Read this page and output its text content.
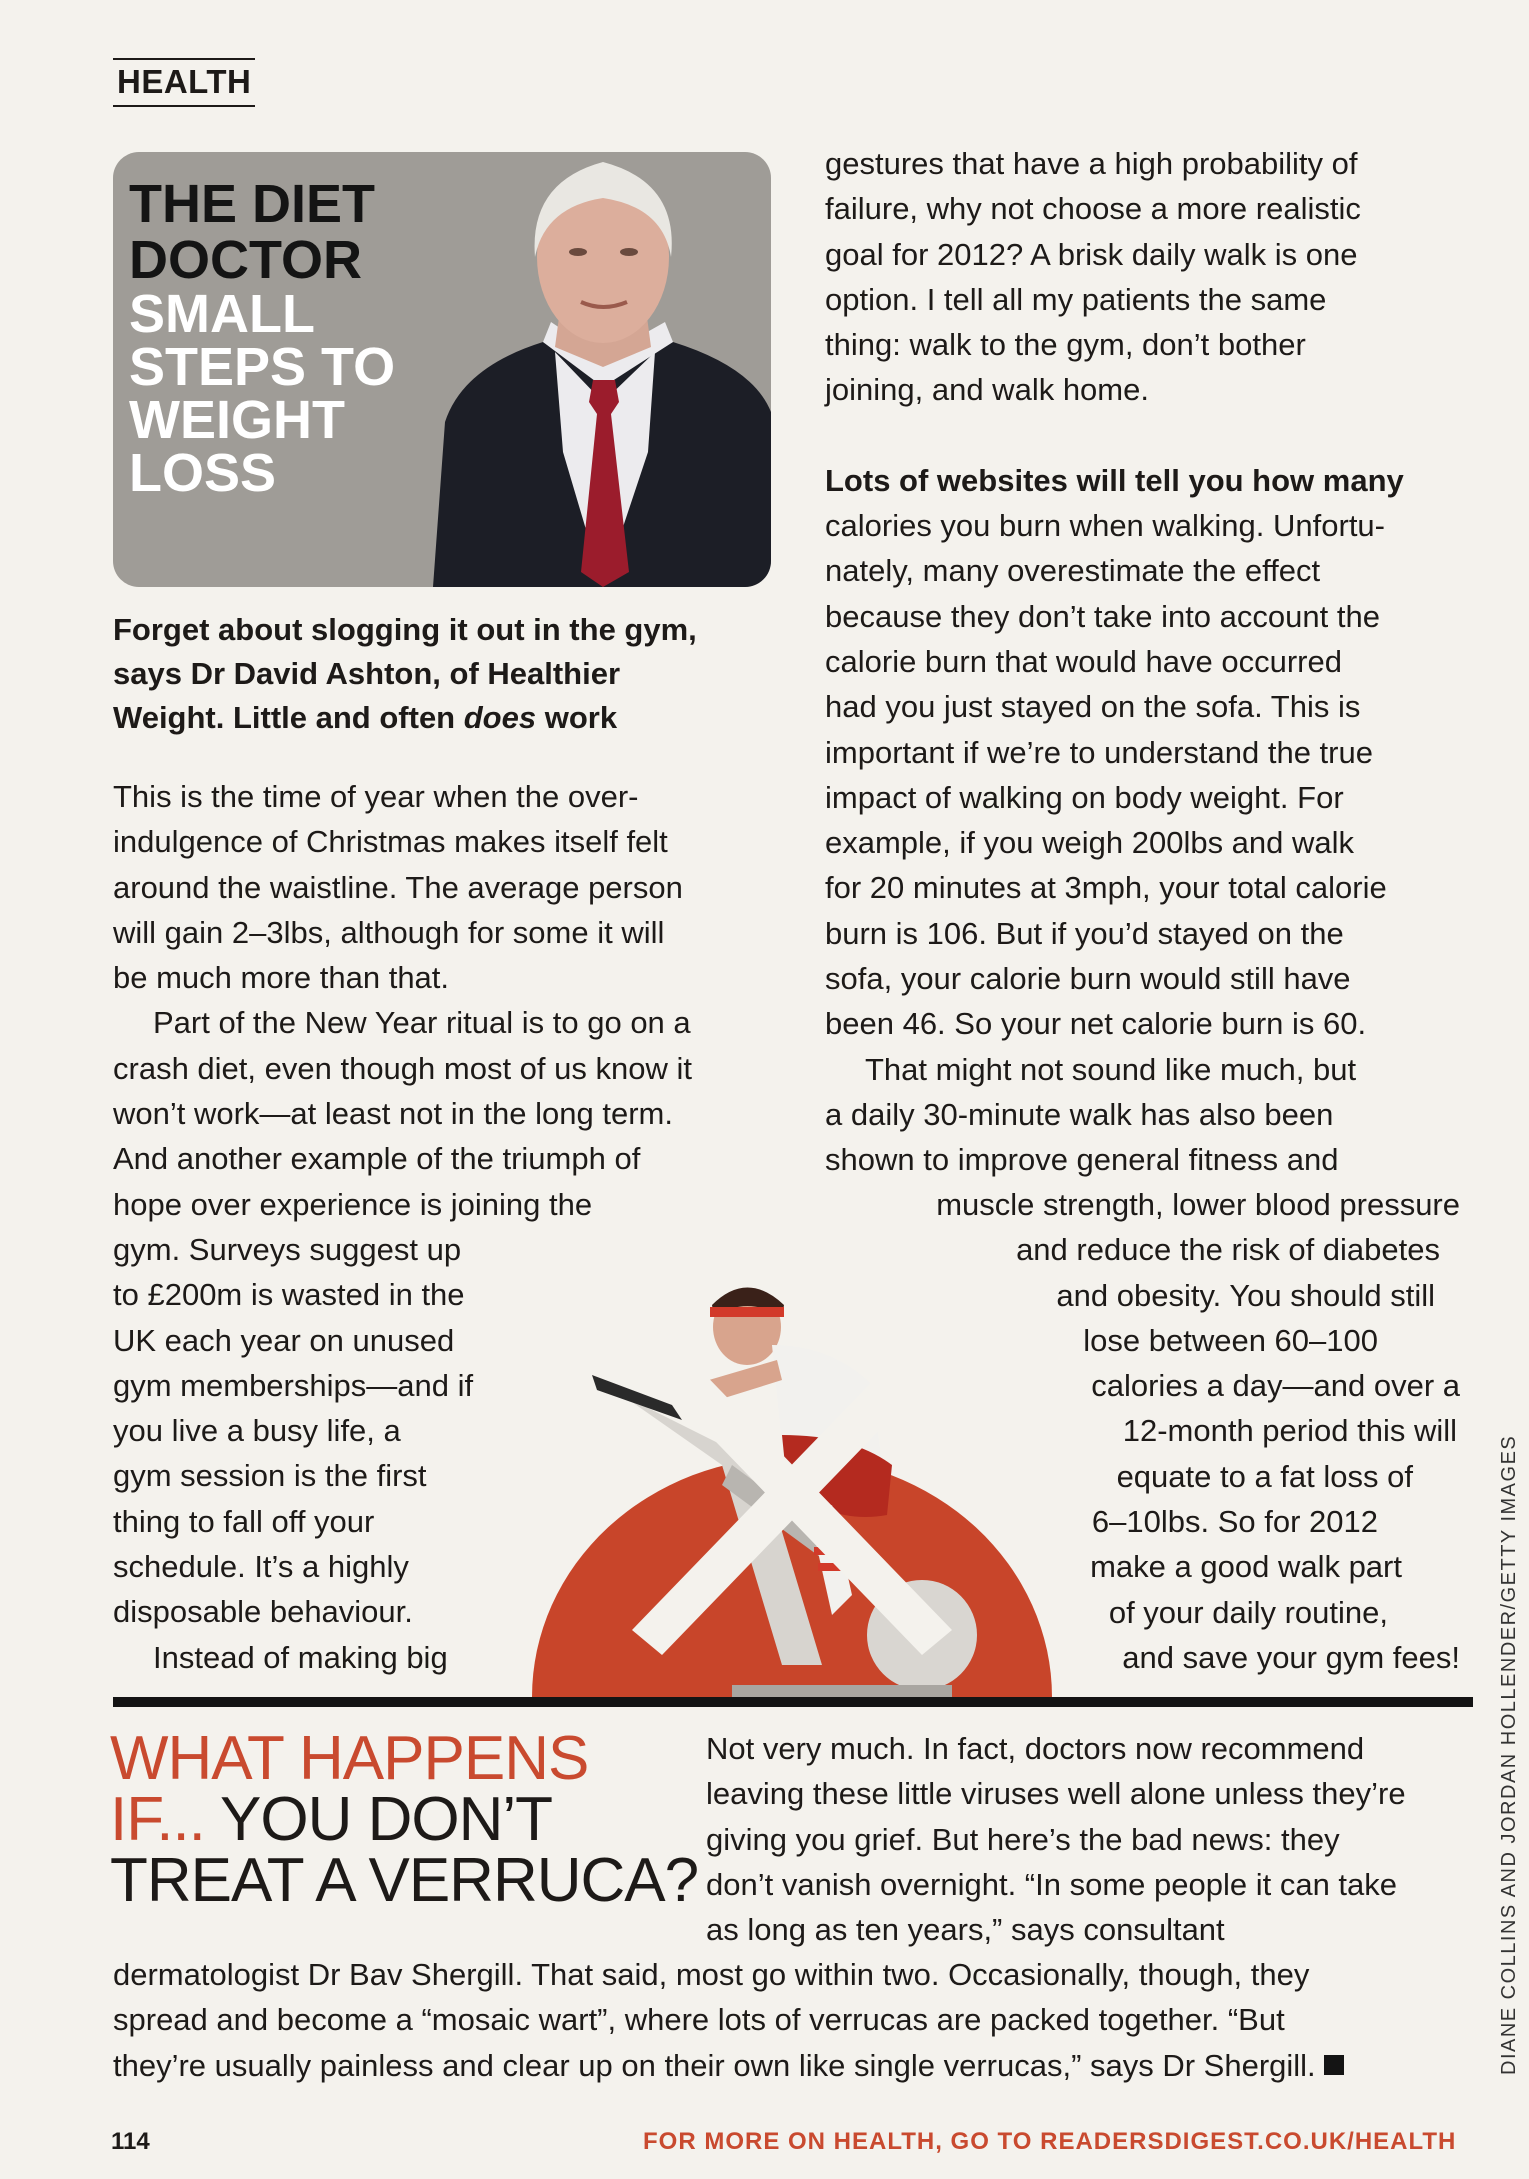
HEALTH
THE DIET
DOCTOR
SMALL
STEPS TO
WEIGHT
LOSS

Forget about slogging it out in the gym,
says Dr David Ashton, of Healthier
Weight. Little and often does work

This is the time of year when the over-

indulgence of Christmas makes itself felt

around the waistline. The average person

will gain 2–3lbs, although for some it will

be much more than that.

Part of the New Year ritual is to go on a

crash diet, even though most of us know it

won’t work—at least not in the long term.

And another example of the triumph of

hope over experience is joining the

gym. Surveys suggest up

to £200m is wasted in the

UK each year on unused

gym memberships—and if

you live a busy life, a

gym session is the first

thing to fall off your

schedule. It’s a highly

disposable behaviour.

Instead of making big

gestures that have a high probability of

failure, why not choose a more realistic

goal for 2012? A brisk daily walk is one

option. I tell all my patients the same

thing: walk to the gym, don’t bother

joining, and walk home.

Lots of websites will tell you how many

calories you burn when walking. Unfortu-

nately, many overestimate the effect

because they don’t take into account the

calorie burn that would have occurred

had you just stayed on the sofa. This is

important if we’re to understand the true

impact of walking on body weight. For

example, if you weigh 200lbs and walk

for 20 minutes at 3mph, your total calorie

burn is 106. But if you’d stayed on the

sofa, your calorie burn would still have

been 46. So your net calorie burn is 60.

That might not sound like much, but

a daily 30-minute walk has also been

shown to improve general fitness and

muscle strength, lower blood pressure

and reduce the risk of diabetes

and obesity. You should still

lose between 60–100

calories a day—and over a

12-month period this will

equate to a fat loss of

6–10lbs. So for 2012

make a good walk part

of your daily routine,

and save your gym fees!

WHAT HAPPENS
IF... YOU DON’T
TREAT A VERRUCA?
Not very much. In fact, doctors now recommend
leaving these little viruses well alone unless they’re
giving you grief. But here’s the bad news: they
don’t vanish overnight. “In some people it can take
as long as ten years,” says consultant
dermatologist Dr Bav Shergill. That said, most go within two. Occasionally, though, they
spread and become a “mosaic wart”, where lots of verrucas are packed together. “But
they’re usually painless and clear up on their own like single verrucas,” says Dr Shergill.	DIANE COLLINS AND JORDAN HOLLENDER/GETTY IMAGES
114	FOR MORE ON HEALTH, GO TO READERSDIGEST.CO.UK/HEALTH
